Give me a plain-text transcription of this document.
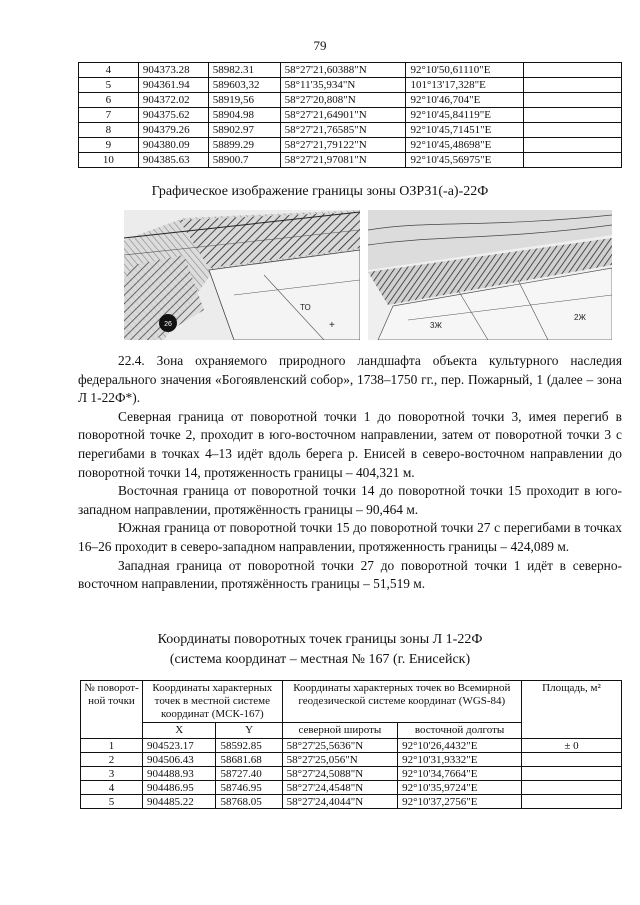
79
4	904373.28	58982.31	58°27'21,60388"N	92°10'50,61110"E	
5	904361.94	589603,32	58°11'35,934"N	101°13'17,328"E	
6	904372.02	58919,56	58°27'20,808"N	92°10'46,704"E	
7	904375.62	58904.98	58°27'21,64901"N	92°10'45,84119"E	
8	904379.26	58902.97	58°27'21,76585"N	92°10'45,71451"E	
9	904380.09	58899.29	58°27'21,79122"N	92°10'45,48698"E	
10	904385.63	58900.7	58°27'21,97081"N	92°10'45,56975"E	
Графическое изображение границы зоны ОЗРЗ1(-а)-22Ф
26
ТО
+	3Ж
2Ж

22.4. Зона охраняемого природного ландшафта объекта культурного наследия федерального значения «Богоявленский собор», 1738–1750 гг., пер. Пожарный, 1 (далее – зона Л 1-22Ф*).

Северная граница от поворотной точки 1 до поворотной точки 3, имея перегиб в поворотной точке 2, проходит в юго-восточном направлении, затем от поворотной точки 3 с перегибами в точках 4–13 идёт вдоль берега р. Енисей в северо-восточном направлении до поворотной точки 14, протяженность границы – 404,321 м.

Восточная граница от поворотной точки 14 до поворотной точки 15 проходит в юго-западном направлении, протяжённость границы – 90,464 м.

Южная граница от поворотной точки 15 до поворотной точки 27 с перегибами в точках 16–26 проходит в северо-западном направлении, протяженность границы – 424,089 м.

Западная граница от поворотной точки 27 до поворотной точки 1 идёт в северно-восточном направлении, протяжённость границы – 51,519 м.

Координаты поворотных точек границы зоны Л 1-22Ф
(система координат – местная № 167 (г. Енисейск)
№ поворот-ной точки	Координаты характерных точек в местной системе координат (МСК-167)		Координаты характерных точек во Всемирной геодезической системе координат (WGS-84)		Площадь, м²
	X	Y	северной широты	восточной долготы	
1	904523.17	58592.85	58°27'25,5636"N	92°10'26,4432"E	± 0
2	904506.43	58681.68	58°27'25,056"N	92°10'31,9332"E	
3	904488.93	58727.40	58°27'24,5088"N	92°10'34,7664"E	
4	904486.95	58746.95	58°27'24,4548"N	92°10'35,9724"E	
5	904485.22	58768.05	58°27'24,4044"N	92°10'37,2756"E	
